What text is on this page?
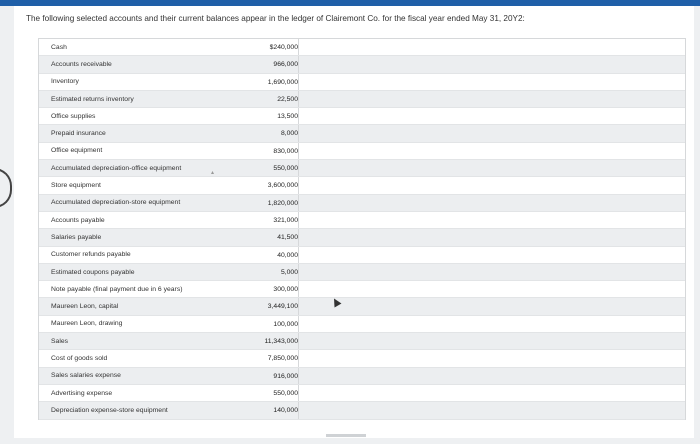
The following selected accounts and their current balances appear in the ledger of Clairemont Co. for the fiscal year ended May 31, 20Y2:
Cash	$240,000
Accounts receivable	966,000
Inventory	1,690,000
Estimated returns inventory	22,500
Office supplies	13,500
Prepaid insurance	8,000
Office equipment	830,000
Accumulated depreciation-office equipment	550,000
Store equipment	3,600,000
Accumulated depreciation-store equipment	1,820,000
Accounts payable	321,000
Salaries payable	41,500
Customer refunds payable	40,000
Estimated coupons payable	5,000
Note payable (final payment due in 6 years)	300,000
Maureen Leon, capital	3,449,100
Maureen Leon, drawing	100,000
Sales	11,343,000
Cost of goods sold	7,850,000
Sales salaries expense	916,000
Advertising expense	550,000
Depreciation expense-store equipment	140,000
▴
